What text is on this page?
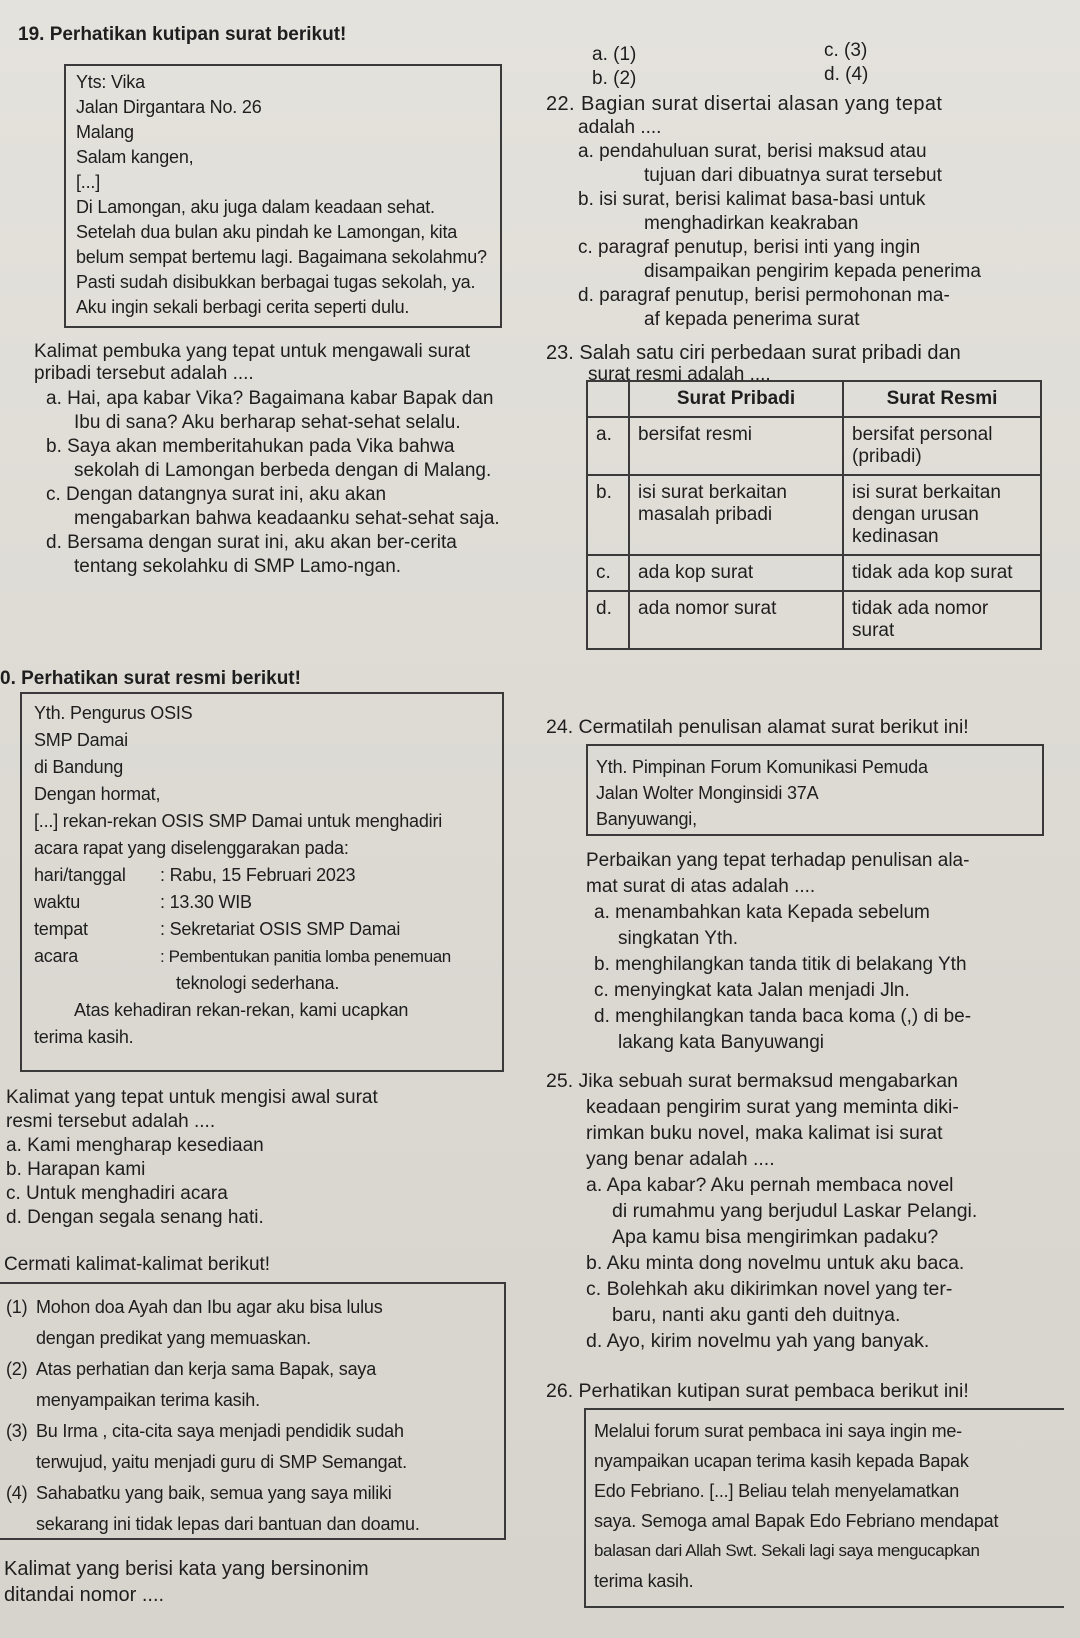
19. Perhatikan kutipan surat berikut!
Yts: Vika
Jalan Dirgantara No. 26
Malang
Salam kangen,
[...]
Di Lamongan, aku juga dalam keadaan sehat.
Setelah dua bulan aku pindah ke Lamongan, kita
belum sempat bertemu lagi. Bagaimana sekolahmu?
Pasti sudah disibukkan berbagai tugas sekolah, ya.
Aku ingin sekali berbagi cerita seperti dulu.
Kalimat pembuka yang tepat untuk mengawali surat pribadi tersebut adalah ....

a. Hai, apa kabar Vika? Bagaimana kabar Bapak dan Ibu di sana? Aku berharap sehat-sehat selalu.

b. Saya akan memberitahukan pada Vika bahwa sekolah di Lamongan berbeda dengan di Malang.

c. Dengan datangnya surat ini, aku akan mengabarkan bahwa keadaanku sehat-sehat saja.

d. Bersama dengan surat ini, aku akan ber-cerita tentang sekolahku di SMP Lamo-ngan.

0. Perhatikan surat resmi berikut!
Yth. Pengurus OSIS
SMP Damai
di Bandung
Dengan hormat,
[...] rekan-rekan OSIS SMP Damai untuk menghadiri
acara rapat yang diselenggarakan pada:
hari/tanggal	: Rabu, 15 Februari 2023
waktu	: 13.30 WIB
tempat	: Sekretariat OSIS SMP Damai
acara	: Pembentukan panitia lomba penemuan
teknologi sederhana.
Atas kehadiran rekan-rekan, kami ucapkan
terima kasih.
Kalimat yang tepat untuk mengisi awal surat
resmi tersebut adalah ....

a. Kami mengharap kesediaan

b. Harapan kami

c. Untuk menghadiri acara

d. Dengan segala senang hati.

Cermati kalimat-kalimat berikut!
(1) Mohon doa Ayah dan Ibu agar aku bisa lulus
dengan predikat yang memuaskan.
(2) Atas perhatian dan kerja sama Bapak, saya
menyampaikan terima kasih.
(3) Bu Irma , cita-cita saya menjadi pendidik sudah
terwujud, yaitu menjadi guru di SMP Semangat.
(4) Sahabatku yang baik, semua yang saya miliki
sekarang ini tidak lepas dari bantuan dan doamu.
Kalimat yang berisi kata yang bersinonim
ditandai nomor ....
a. (1)
b. (2)
c. (3)
d. (4)
22. Bagian surat disertai alasan yang tepat
adalah ....
a. pendahuluan surat, berisi maksud atau
tujuan dari dibuatnya surat tersebut
b. isi surat, berisi kalimat basa-basi untuk
menghadirkan keakraban
c. paragraf penutup, berisi inti yang ingin
disampaikan pengirim kepada penerima
d. paragraf penutup, berisi permohonan ma-
af kepada penerima surat
23. Salah satu ciri perbedaan surat pribadi dan
surat resmi adalah ....
	Surat Pribadi	Surat Resmi
a.	bersifat resmi	bersifat personal (pribadi)
b.	isi surat berkaitan masalah pribadi	isi surat berkaitan dengan urusan kedinasan
c.	ada kop surat	tidak ada kop surat
d.	ada nomor surat	tidak ada nomor surat
24. Cermatilah penulisan alamat surat berikut ini!
Yth. Pimpinan Forum Komunikasi Pemuda
Jalan Wolter Monginsidi 37A
Banyuwangi,
Perbaikan yang tepat terhadap penulisan ala-
mat surat di atas adalah ....
a. menambahkan kata Kepada sebelum
singkatan Yth.
b. menghilangkan tanda titik di belakang Yth
c. menyingkat kata Jalan menjadi Jln.
d. menghilangkan tanda baca koma (,) di be-
lakang kata Banyuwangi
25. Jika sebuah surat bermaksud mengabarkan
keadaan pengirim surat yang meminta diki-
rimkan buku novel, maka kalimat isi surat
yang benar adalah ....
a. Apa kabar? Aku pernah membaca novel
di rumahmu yang berjudul Laskar Pelangi.
Apa kamu bisa mengirimkan padaku?
b. Aku minta dong novelmu untuk aku baca.
c. Bolehkah aku dikirimkan novel yang ter-
baru, nanti aku ganti deh duitnya.
d. Ayo, kirim novelmu yah yang banyak.
26. Perhatikan kutipan surat pembaca berikut ini!
Melalui forum surat pembaca ini saya ingin me-
nyampaikan ucapan terima kasih kepada Bapak
Edo Febriano. [...] Beliau telah menyelamatkan
saya. Semoga amal Bapak Edo Febriano mendapat
balasan dari Allah Swt. Sekali lagi saya mengucapkan
terima kasih.
